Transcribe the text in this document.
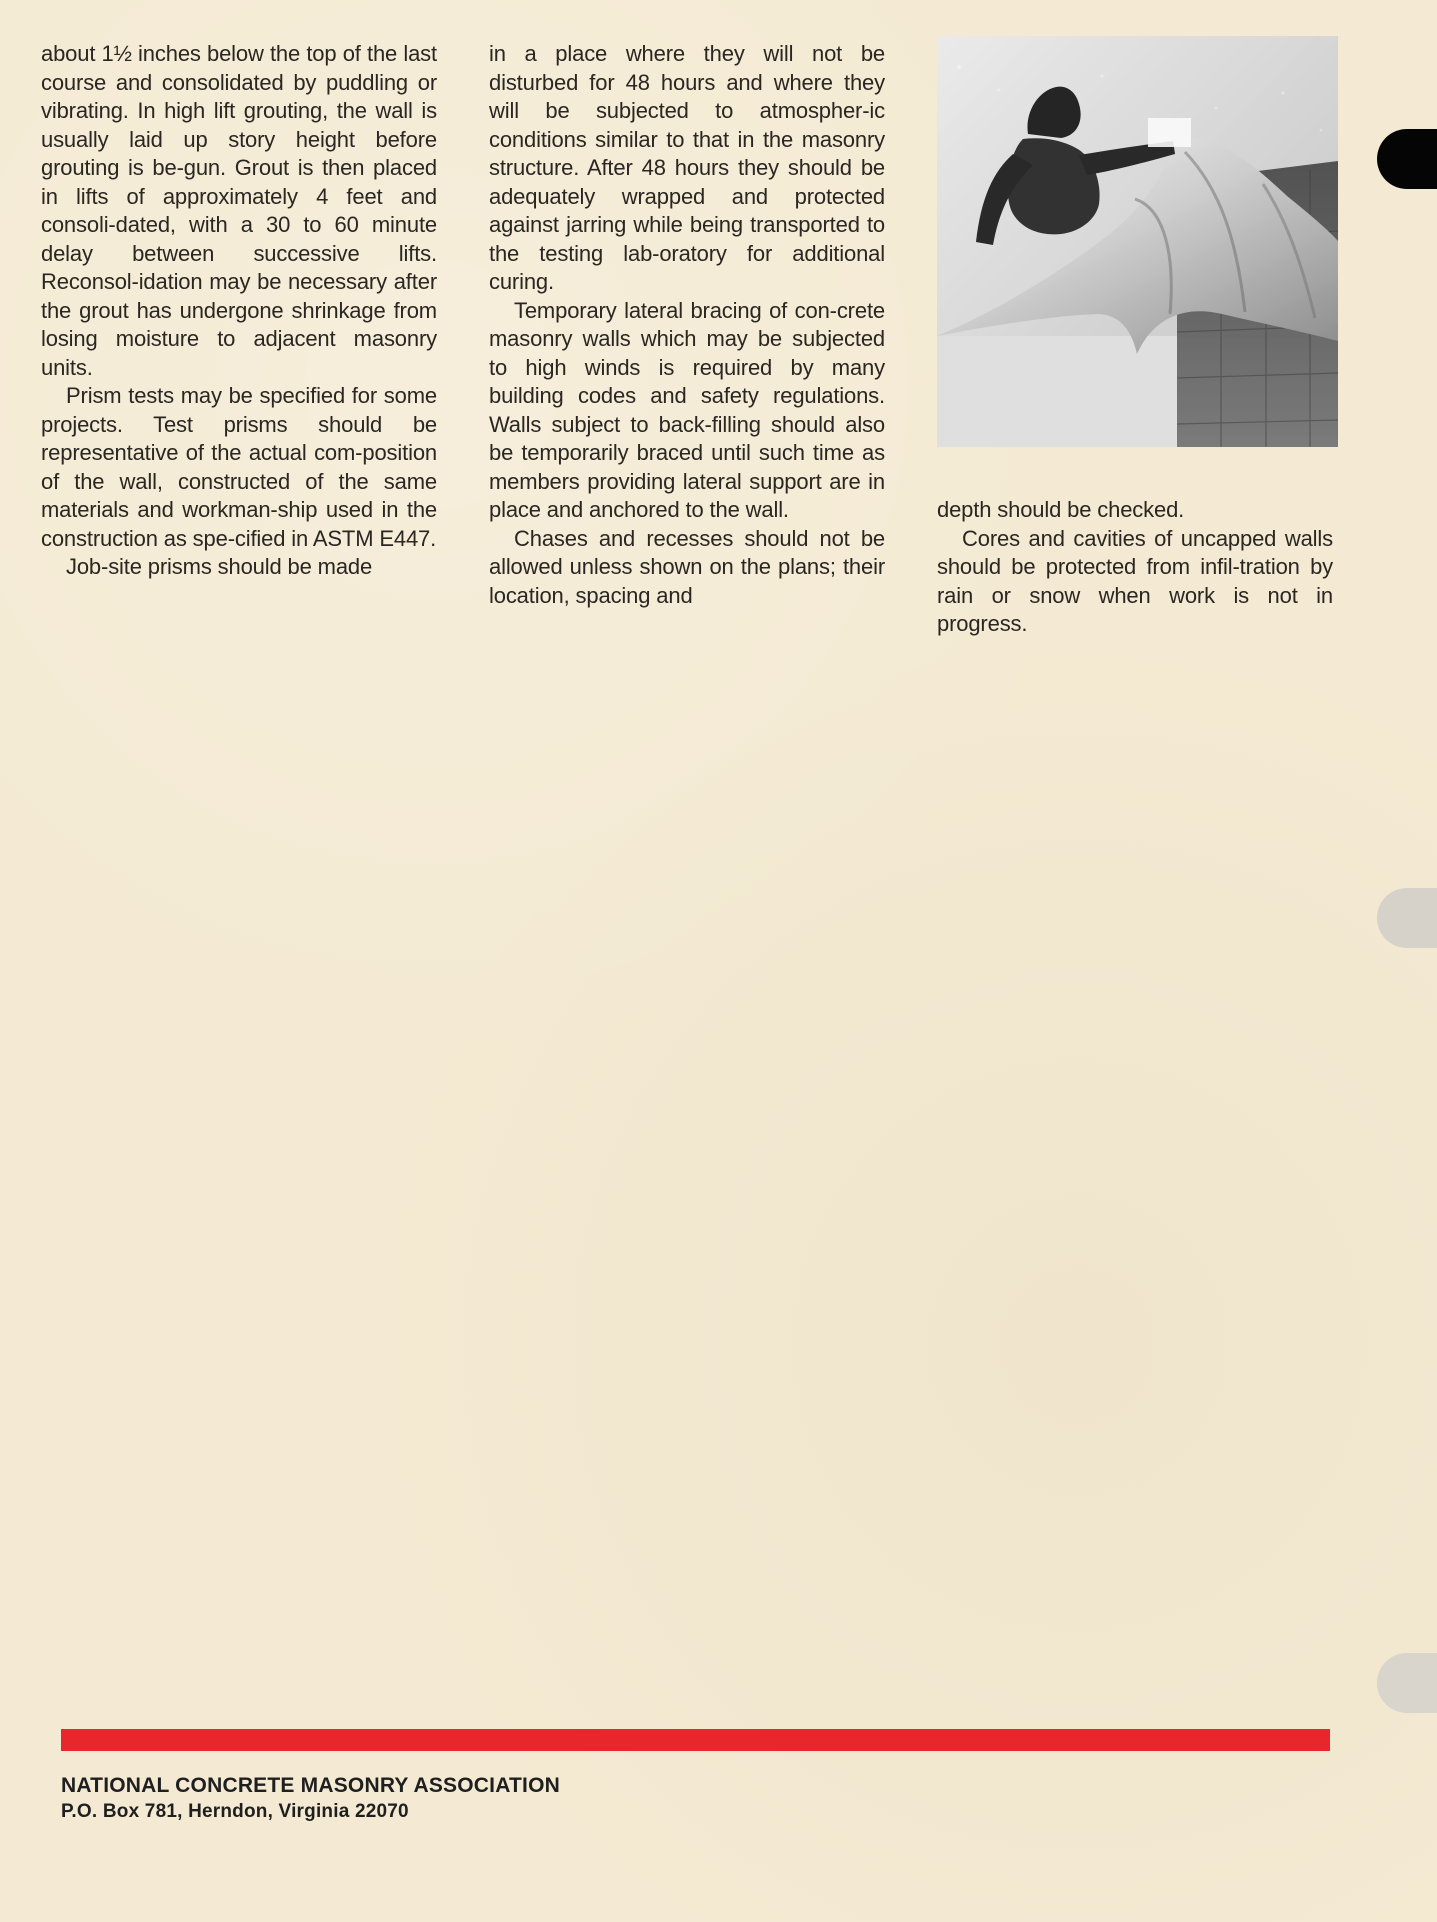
about 1½ inches below the top of the last course and consolidated by puddling or vibrating. In high lift grouting, the wall is usually laid up story height before grouting is be-gun. Grout is then placed in lifts of approximately 4 feet and consoli-dated, with a 30 to 60 minute delay between successive lifts. Reconsol-idation may be necessary after the grout has undergone shrinkage from losing moisture to adjacent masonry units.

Prism tests may be specified for some projects. Test prisms should be representative of the actual com-position of the wall, constructed of the same materials and workman-ship used in the construction as spe-cified in ASTM E447.

Job-site prisms should be made

in a place where they will not be disturbed for 48 hours and where they will be subjected to atmospher-ic conditions similar to that in the masonry structure. After 48 hours they should be adequately wrapped and protected against jarring while being transported to the testing lab-oratory for additional curing.

Temporary lateral bracing of con-crete masonry walls which may be subjected to high winds is required by many building codes and safety regulations. Walls subject to back-filling should also be temporarily braced until such time as members providing lateral support are in place and anchored to the wall.

Chases and recesses should not be allowed unless shown on the plans; their location, spacing and

depth should be checked.

Cores and cavities of uncapped walls should be protected from infil-tration by rain or snow when work is not in progress.

NATIONAL CONCRETE MASONRY ASSOCIATION
P.O. Box 781, Herndon, Virginia 22070
